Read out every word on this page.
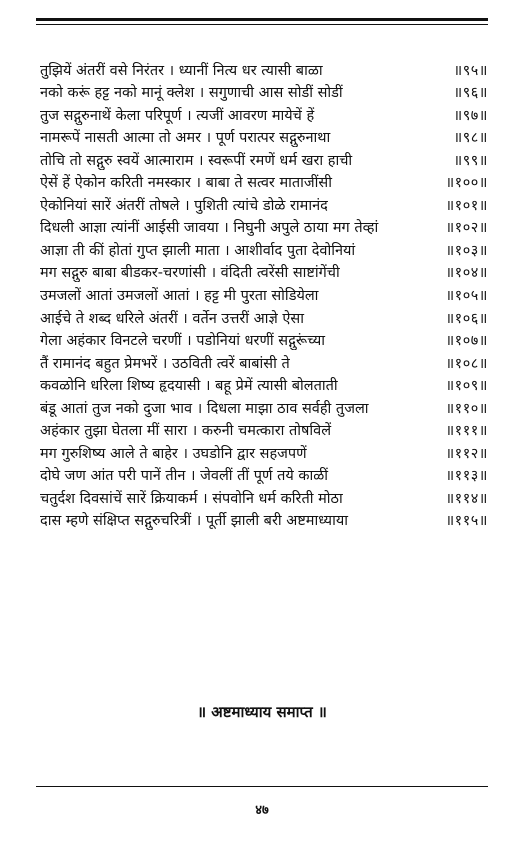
तुझियें अंतरीं वसे निरंतर । ध्यानीं नित्य धर त्यासी बाळा	॥९५॥
नको करूं हट्ट नको मानूं क्लेश । सगुणाची आस सोडीं सोडीं	॥९६॥
तुज सद्गुरुनाथें केला परिपूर्ण । त्यजीं आवरण मायेचें हें	॥९७॥
नामरूपें नासती आत्मा तो अमर । पूर्ण परात्पर सद्गुरुनाथा	॥९८॥
तोचि तो सद्गुरु स्वयें आत्माराम । स्वरूपीं रमणें धर्म खरा हाची	॥९९॥
ऐसें हें ऐकोन करिती नमस्कार । बाबा ते सत्वर माताजींसी	॥१००॥
ऐकोनियां सारें अंतरीं तोषले । पुशिती त्यांचे डोळे रामानंद	॥१०१॥
दिधली आज्ञा त्यांनीं आईसी जावया । निघुनी अपुले ठाया मग तेव्हां	॥१०२॥
आज्ञा ती कीं होतां गुप्त झाली माता । आशीर्वाद पुता देवोनियां	॥१०३॥
मग सद्गुरु बाबा बीडकर-चरणांसी । वंदिती त्वरेंसी साष्टांगेंची	॥१०४॥
उमजलों आतां उमजलों आतां । हट्ट मी पुरता सोडियेला	॥१०५॥
आईचे ते शब्द धरिले अंतरीं । वर्तेन उत्तरीं आज्ञे ऐसा	॥१०६॥
गेला अहंकार विनटले चरणीं । पडोनियां धरणीं सद्गुरूंच्या	॥१०७॥
तैं रामानंद बहुत प्रेमभरें । उठविती त्वरें बाबांसी ते	॥१०८॥
कवळोनि धरिला शिष्य हृदयासी । बहू प्रेमें त्यासी बोलताती	॥१०९॥
बंडू आतां तुज नको दुजा भाव । दिधला माझा ठाव सर्वही तुजला	॥११०॥
अहंकार तुझा घेतला मीं सारा । करुनी चमत्कारा तोषविलें	॥१११॥
मग गुरुशिष्य आले ते बाहेर । उघडोनि द्वार सहजपणें	॥११२॥
दोघे जण आंत परी पानें तीन । जेवलीं तीं पूर्ण तये काळीं	॥११३॥
चतुर्दश दिवसांचें सारें क्रियाकर्म । संपवोनि धर्म करिती मोठा	॥११४॥
दास म्हणे संक्षिप्त सद्गुरुचरित्रीं । पूर्ती झाली बरी अष्टमाध्याया	॥११५॥
॥ अष्टमाध्याय समाप्त ॥
४७
